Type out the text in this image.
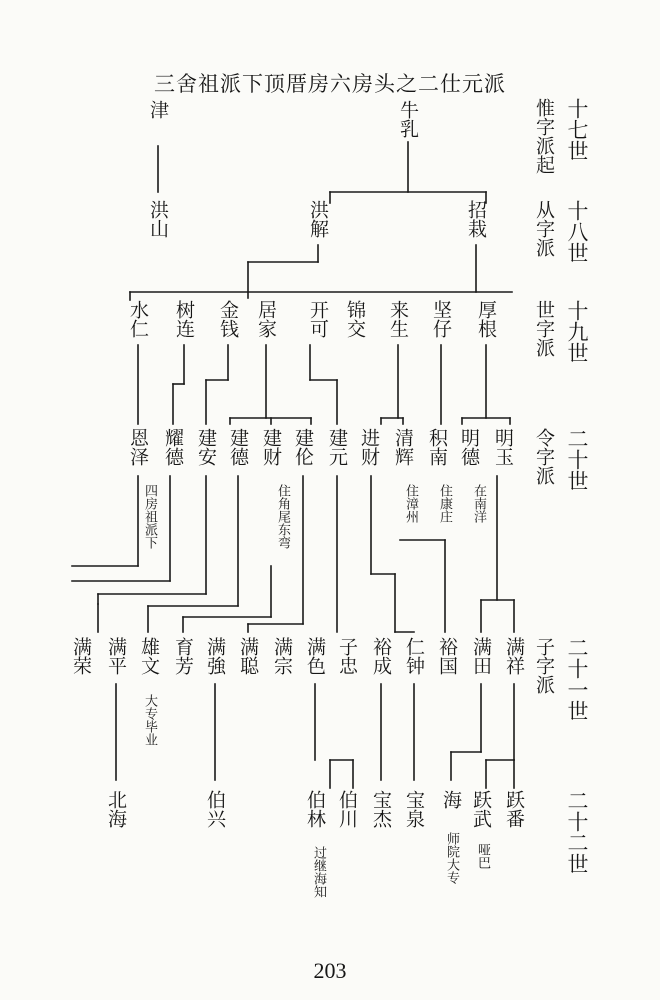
三舍祖派下顶厝房六房头之二仕元派
津	牛乳
洪山	洪解	招栽
水仁 树连 金钱 居家 开可 锦交 来生 坚仔 厚根
恩泽 耀德 建安 建德 建财 建伦 建元 进财 清辉 积南 明德 明玉
满荣 满平 雄文 育芳 满強 满聪 满宗 满色 子忠 裕成 仁钟 裕国 满田 满祥
北海	伯兴	伯林 伯川 宝杰 宝泉 海 跃武 跃番
四房祖派下	住角尾东弯	住漳州 住康庄 在南洋
大专毕业
过继海知	师院大专 哑巴
十七世
十八世
十九世
二十世
二十一世
二十二世
惟字派起
从字派
世字派
令字派
子字派
203
